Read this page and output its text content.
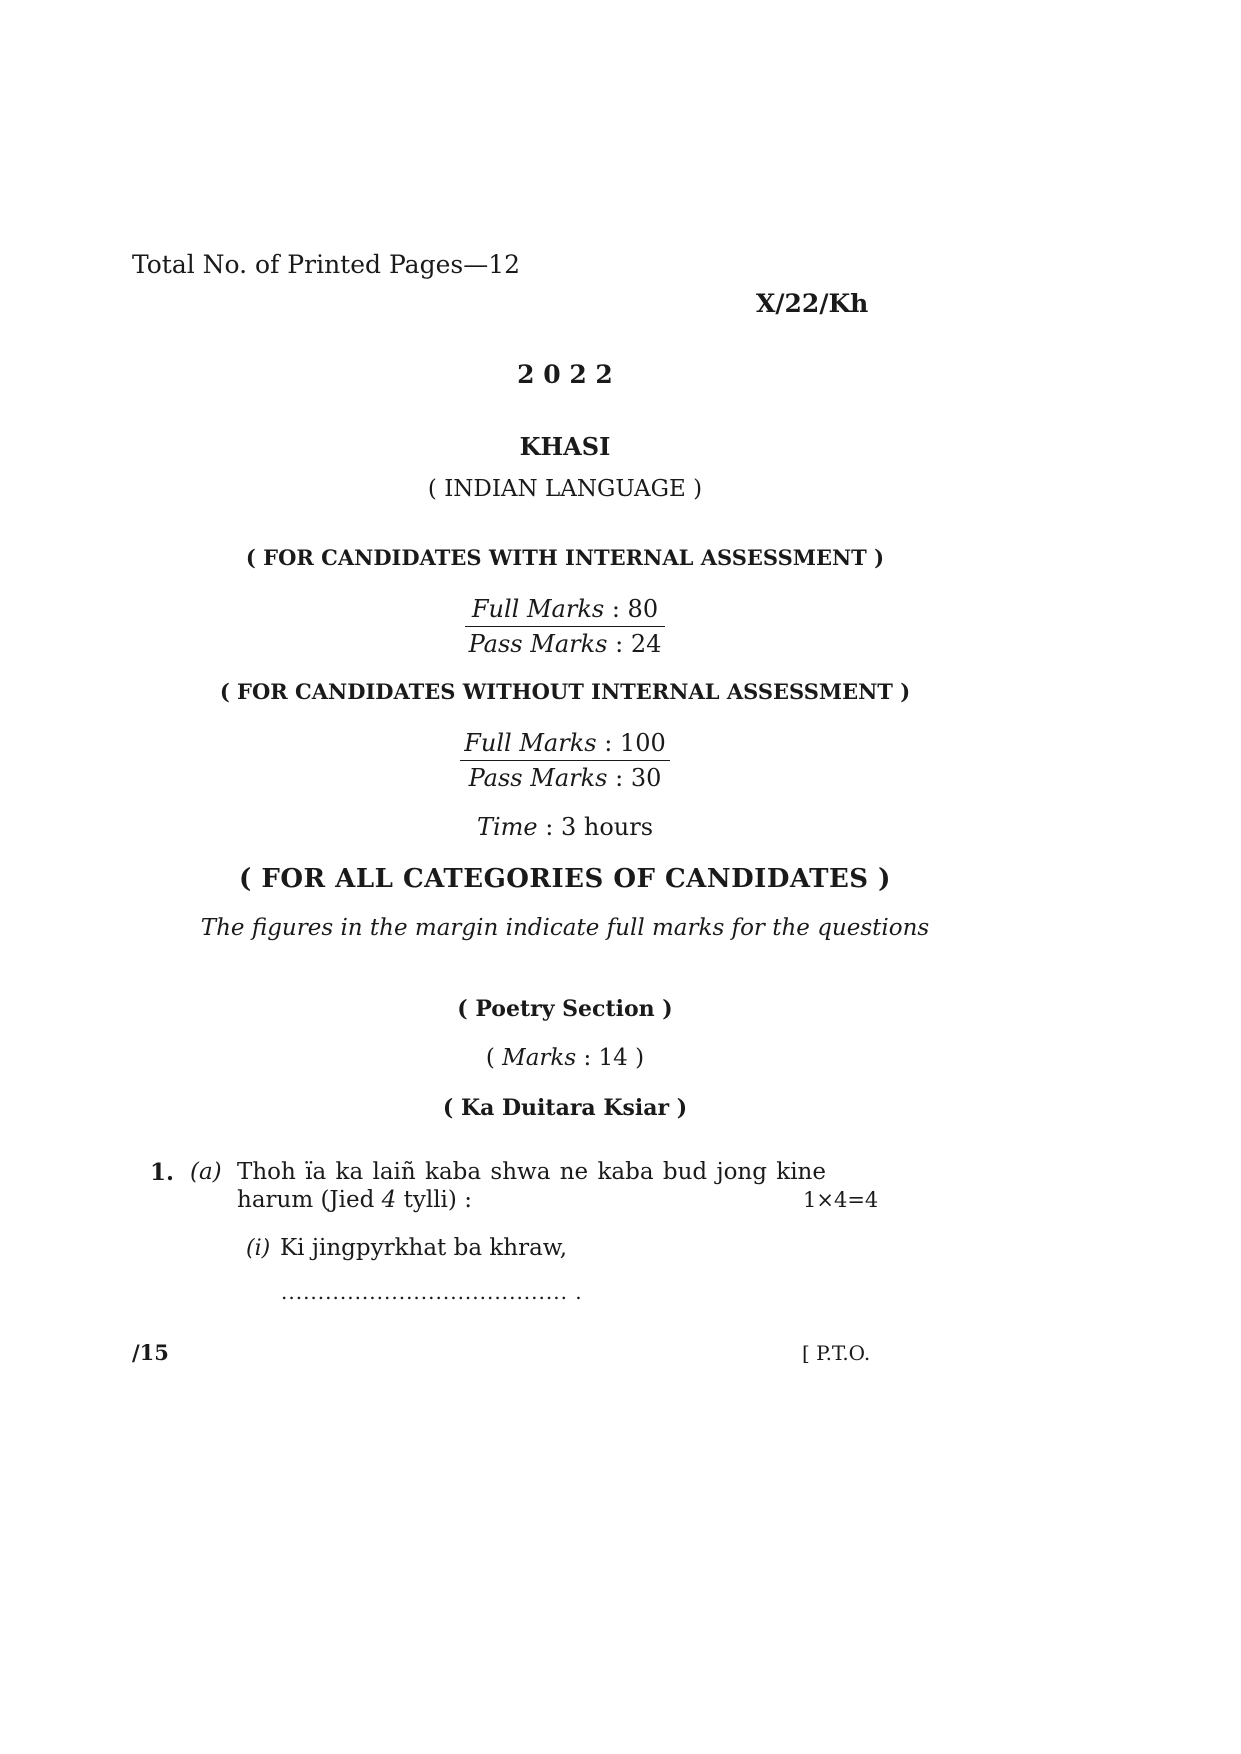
Total No. of Printed Pages—12
X/22/Kh
2 0 2 2
KHASI
( INDIAN LANGUAGE )
( FOR CANDIDATES WITH INTERNAL ASSESSMENT )
Full Marks : 80
Pass Marks : 24
( FOR CANDIDATES WITHOUT INTERNAL ASSESSMENT )
Full Marks : 100
Pass Marks : 30
Time : 3 hours
( FOR ALL CATEGORIES OF CANDIDATES )
The figures in the margin indicate full marks for the questions
( Poetry Section )
( Marks : 14 )
( Ka Duitara Ksiar )
1. (a) Thoh ïa ka laiñ kaba shwa ne kaba bud jong kine
harum (Jied 4 tylli) :	1×4=4
(i) Ki jingpyrkhat ba khraw,
....................................... .
/15	[ P.T.O.
